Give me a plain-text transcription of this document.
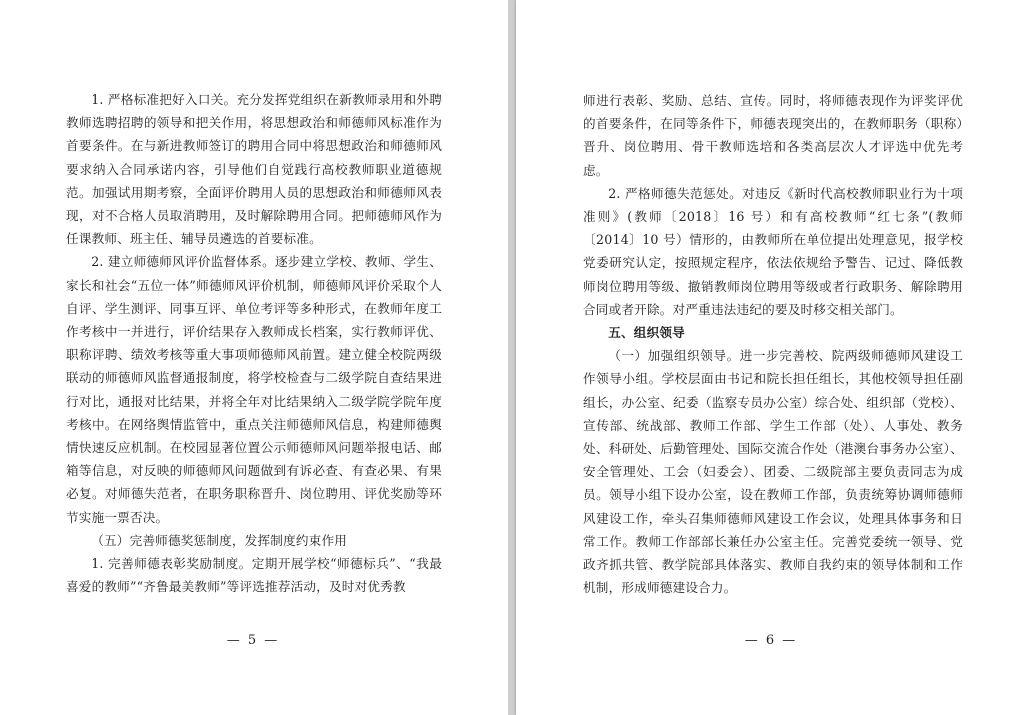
1. 严格标准把好入口关。充分发挥党组织在新教师录用和外聘教师选聘招聘的领导和把关作用，将思想政治和师德师风标准作为首要条件。在与新进教师签订的聘用合同中将思想政治和师德师风要求纳入合同承诺内容，引导他们自觉践行高校教师职业道德规范。加强试用期考察，全面评价聘用人员的思想政治和师德师风表现，对不合格人员取消聘用，及时解除聘用合同。把师德师风作为任课教师、班主任、辅导员遴选的首要标准。

2. 建立师德师风评价监督体系。逐步建立学校、教师、学生、家长和社会“五位一体”师德师风评价机制，师德师风评价采取个人自评、学生测评、同事互评、单位考评等多种形式，在教师年度工作考核中一并进行，评价结果存入教师成长档案，实行教师评优、职称评聘、绩效考核等重大事项师德师风前置。建立健全校院两级联动的师德师风监督通报制度，将学校检查与二级学院自查结果进行对比，通报对比结果，并将全年对比结果纳入二级学院学院年度考核中。在网络舆情监管中，重点关注师德师风信息，构建师德舆情快速反应机制。在校园显著位置公示师德师风问题举报电话、邮箱等信息，对反映的师德师风问题做到有诉必查、有查必果、有果必复。对师德失范者，在职务职称晋升、岗位聘用、评优奖励等环节实施一票否决。

（五）完善师德奖惩制度，发挥制度约束作用

1. 完善师德表彰奖励制度。定期开展学校“师德标兵”、“我最喜爱的教师”“齐鲁最美教师”等评选推荐活动，及时对优秀教

— 5 —

师进行表彰、奖励、总结、宣传。同时，将师德表现作为评奖评优的首要条件，在同等条件下，师德表现突出的，在教师职务（职称）晋升、岗位聘用、骨干教师选培和各类高层次人才评选中优先考虑。

2. 严格师德失范惩处。对违反《新时代高校教师职业行为十项准则》(教师〔2018〕16 号）和有高校教师“红七条”(教师〔2014〕10 号）情形的，由教师所在单位提出处理意见，报学校党委研究认定，按照规定程序，依法依规给予警告、记过、降低教师岗位聘用等级、撤销教师岗位聘用等级或者行政职务、解除聘用合同或者开除。对严重违法违纪的要及时移交相关部门。

五、组织领导

（一）加强组织领导。进一步完善校、院两级师德师风建设工作领导小组。学校层面由书记和院长担任组长，其他校领导担任副组长，办公室、纪委（监察专员办公室）综合处、组织部（党校）、宣传部、统战部、教师工作部、学生工作部（处）、人事处、教务处、科研处、后勤管理处、国际交流合作处（港澳台事务办公室）、安全管理处、工会（妇委会）、团委、二级院部主要负责同志为成员。领导小组下设办公室，设在教师工作部，负责统筹协调师德师风建设工作，牵头召集师德师风建设工作会议，处理具体事务和日常工作。教师工作部部长兼任办公室主任。完善党委统一领导、党政齐抓共管、教学院部具体落实、教师自我约束的领导体制和工作机制，形成师德建设合力。

— 6 —
